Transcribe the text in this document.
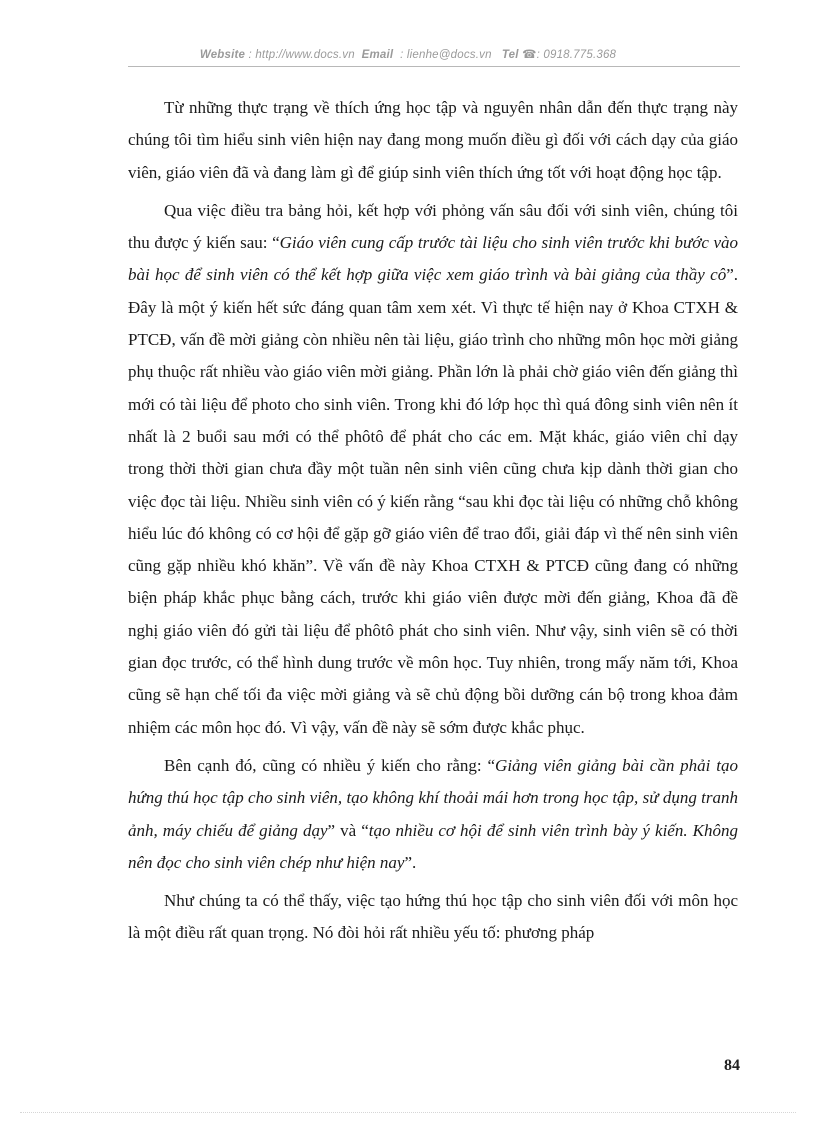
Website : http://www.docs.vn Email : lienhe@docs.vn Tel ☎: 0918.775.368

Từ những thực trạng về thích ứng học tập và nguyên nhân dẫn đến thực trạng này chúng tôi tìm hiểu sinh viên hiện nay đang mong muốn điều gì đối với cách dạy của giáo viên, giáo viên đã và đang làm gì để giúp sinh viên thích ứng tốt với hoạt động học tập.

Qua việc điều tra bảng hỏi, kết hợp với phỏng vấn sâu đối với sinh viên, chúng tôi thu được ý kiến sau: “Giáo viên cung cấp trước tài liệu cho sinh viên trước khi bước vào bài học để sinh viên có thể kết hợp giữa việc xem giáo trình và bài giảng của thầy cô”. Đây là một ý kiến hết sức đáng quan tâm xem xét. Vì thực tế hiện nay ở Khoa CTXH & PTCĐ, vấn đề mời giảng còn nhiều nên tài liệu, giáo trình cho những môn học mời giảng phụ thuộc rất nhiều vào giáo viên mời giảng. Phần lớn là phải chờ giáo viên đến giảng thì mới có tài liệu để photo cho sinh viên. Trong khi đó lớp học thì quá đông sinh viên nên ít nhất là 2 buổi sau mới có thể phôtô để phát cho các em. Mặt khác, giáo viên chỉ dạy trong thời thời gian chưa đầy một tuần nên sinh viên cũng chưa kịp dành thời gian cho việc đọc tài liệu. Nhiều sinh viên có ý kiến rằng “sau khi đọc tài liệu có những chỗ không hiểu lúc đó không có cơ hội để gặp gỡ giáo viên để trao đổi, giải đáp vì thế nên sinh viên cũng gặp nhiều khó khăn”. Về vấn đề này Khoa CTXH & PTCĐ cũng đang có những biện pháp khắc phục bằng cách, trước khi giáo viên được mời đến giảng, Khoa đã đề nghị giáo viên đó gửi tài liệu để phôtô phát cho sinh viên. Như vậy, sinh viên sẽ có thời gian đọc trước, có thể hình dung trước về môn học. Tuy nhiên, trong mấy năm tới, Khoa cũng sẽ hạn chế tối đa việc mời giảng và sẽ chủ động bồi dưỡng cán bộ trong khoa đảm nhiệm các môn học đó. Vì vậy, vấn đề này sẽ sớm được khắc phục.

Bên cạnh đó, cũng có nhiều ý kiến cho rằng: “Giảng viên giảng bài cần phải tạo hứng thú học tập cho sinh viên, tạo không khí thoải mái hơn trong học tập, sử dụng tranh ảnh, máy chiếu để giảng dạy” và “tạo nhiều cơ hội để sinh viên trình bày ý kiến. Không nên đọc cho sinh viên chép như hiện nay”.

Như chúng ta có thể thấy, việc tạo hứng thú học tập cho sinh viên đối với môn học là một điều rất quan trọng. Nó đòi hỏi rất nhiều yếu tố: phương pháp

84
